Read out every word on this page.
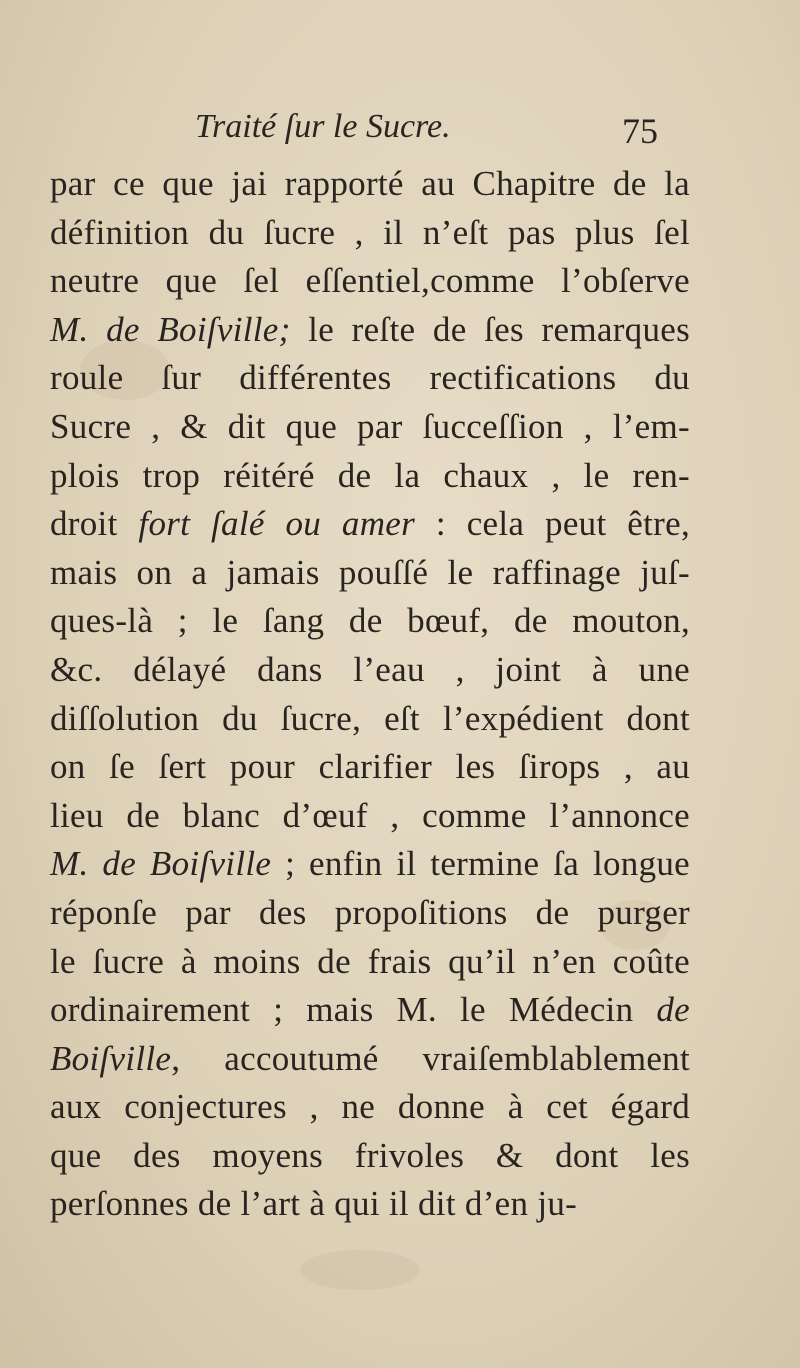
Traité ſur le Sucre.	75
par ce que jai rapporté au Chapitre de la
définition du ſucre , il n’eſt pas plus ſel
neutre que ſel eſſentiel,comme l’obſerve
M. de Boiſville; le reſte de ſes remarques
roule ſur différentes rectifications du
Sucre , & dit que par ſucceſſion , l’em-
plois trop réitéré de la chaux , le ren-
droit fort ſalé ou amer : cela peut être,
mais on a jamais pouſſé le raffinage juſ-
ques-là ; le ſang de bœuf, de mouton,
&c. délayé dans l’eau , joint à une
diſſolution du ſucre, eſt l’expédient dont
on ſe ſert pour clarifier les ſirops , au
lieu de blanc d’œuf , comme l’annonce
M. de Boiſville ; enfin il termine ſa longue
réponſe par des propoſitions de purger
le ſucre à moins de frais qu’il n’en coûte
ordinairement ; mais M. le Médecin de
Boiſville, accoutumé vraiſemblablement
aux conjectures , ne donne à cet égard
que des moyens frivoles & dont les
perſonnes de l’art à qui il dit d’en ju-
